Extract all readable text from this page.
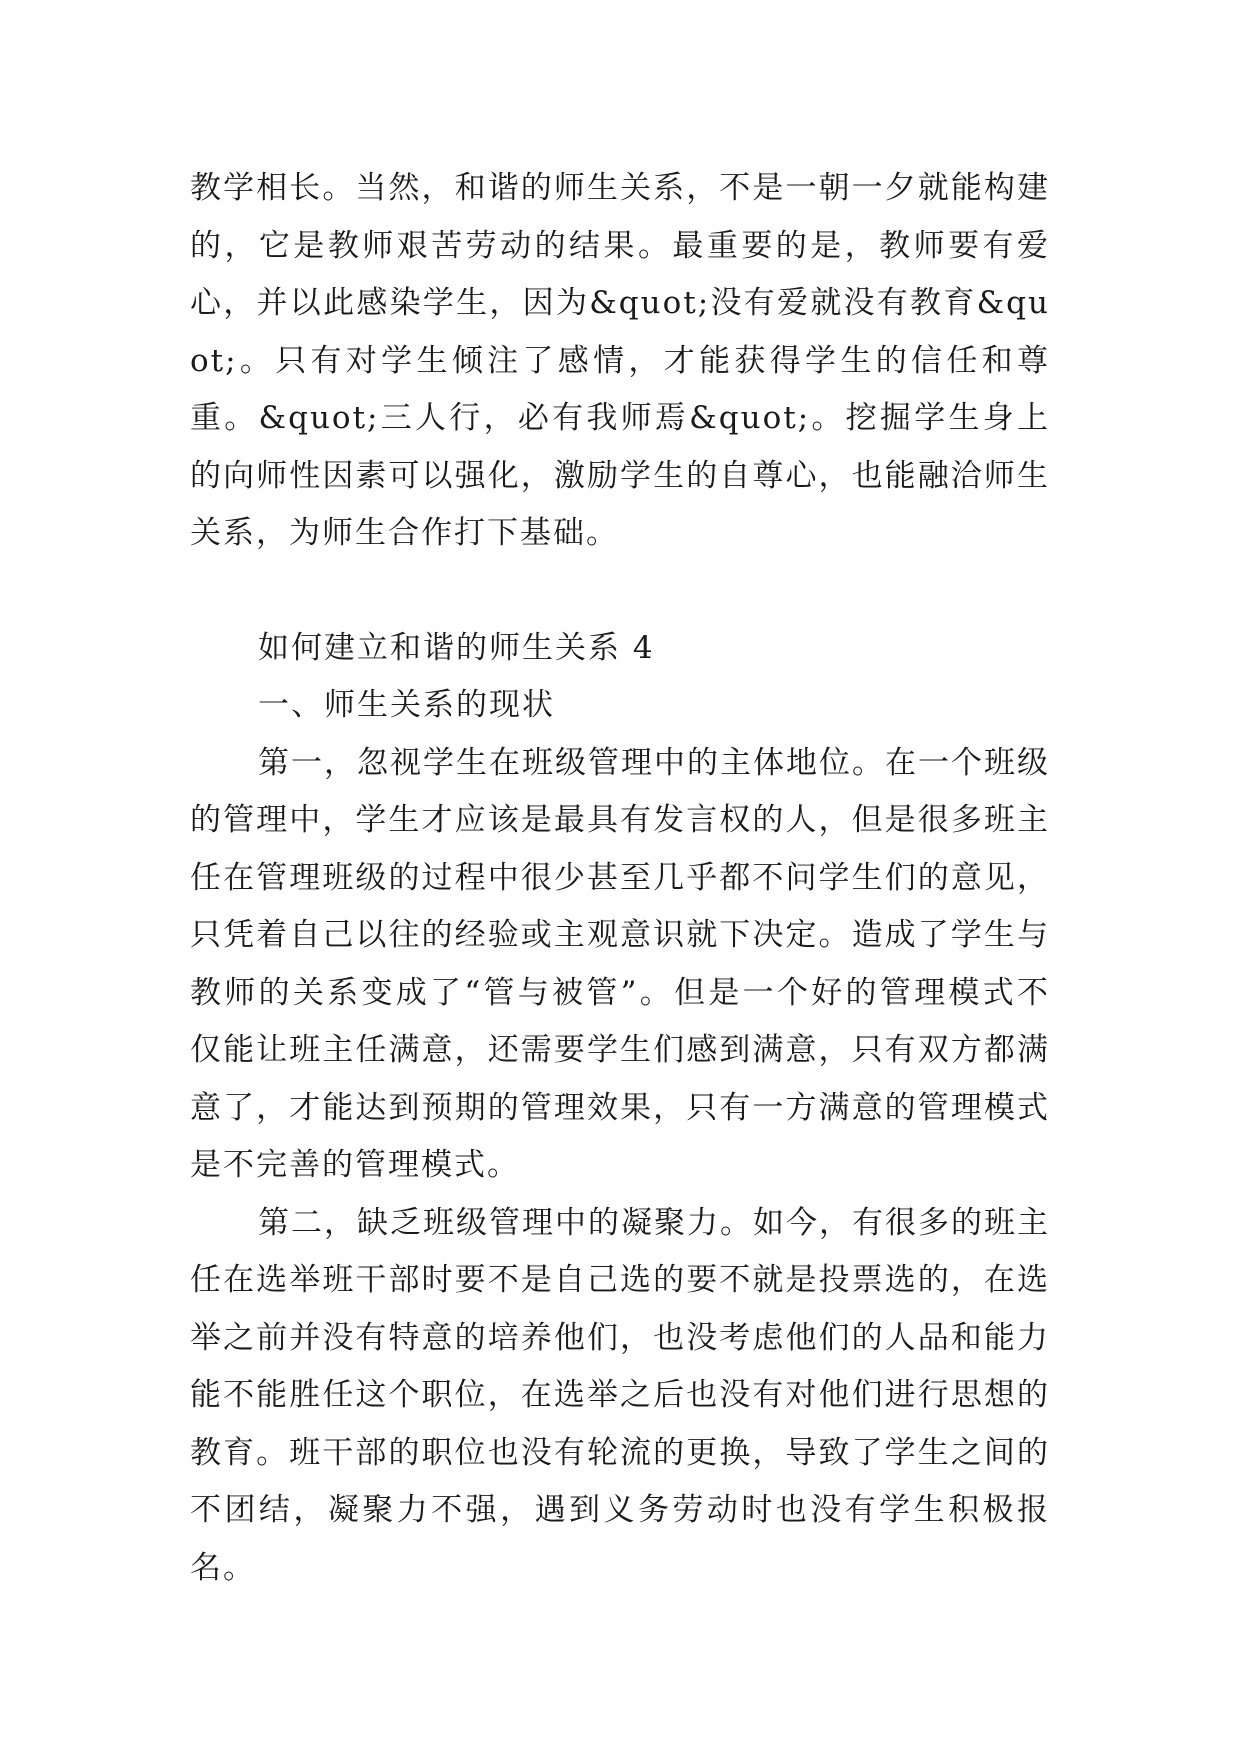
教学相长。当然，和谐的师生关系，不是一朝一夕就能构建的，它是教师艰苦劳动的结果。最重要的是，教师要有爱心，并以此感染学生，因为&quot;没有爱就没有教育&quot;。只有对学生倾注了感情，才能获得学生的信任和尊重。&quot;三人行，必有我师焉&quot;。挖掘学生身上的向师性因素可以强化，激励学生的自尊心，也能融洽师生关系，为师生合作打下基础。

如何建立和谐的师生关系 4

一、师生关系的现状

第一，忽视学生在班级管理中的主体地位。在一个班级的管理中，学生才应该是最具有发言权的人，但是很多班主任在管理班级的过程中很少甚至几乎都不问学生们的意见，只凭着自己以往的经验或主观意识就下决定。造成了学生与教师的关系变成了“管与被管”。但是一个好的管理模式不仅能让班主任满意，还需要学生们感到满意，只有双方都满意了，才能达到预期的管理效果，只有一方满意的管理模式是不完善的管理模式。

第二，缺乏班级管理中的凝聚力。如今，有很多的班主任在选举班干部时要不是自己选的要不就是投票选的，在选举之前并没有特意的培养他们，也没考虑他们的人品和能力能不能胜任这个职位，在选举之后也没有对他们进行思想的教育。班干部的职位也没有轮流的更换，导致了学生之间的不团结，凝聚力不强，遇到义务劳动时也没有学生积极报名。
